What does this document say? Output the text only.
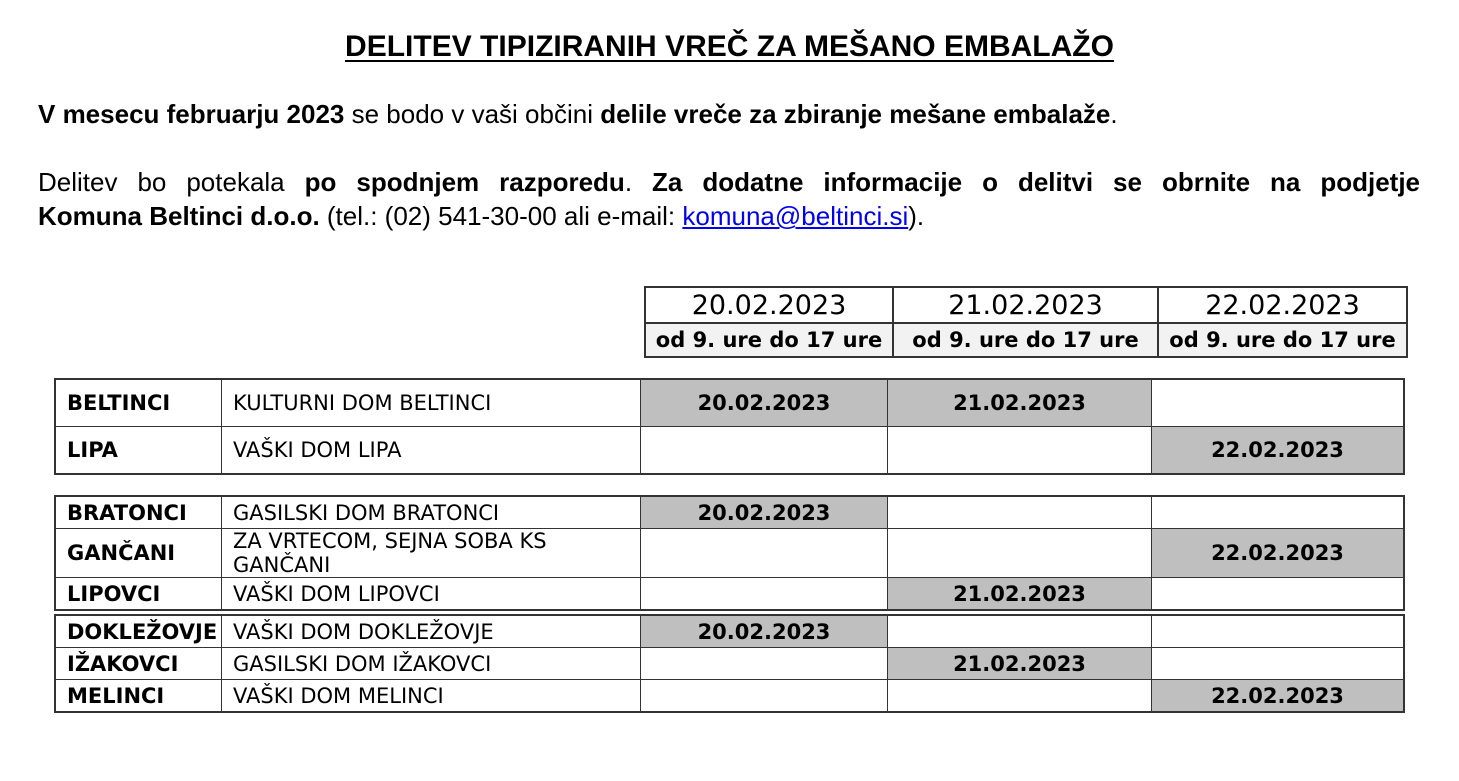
DELITEV TIPIZIRANIH VREČ ZA MEŠANO EMBALAŽO
V mesecu februarju 2023 se bodo v vaši občini delile vreče za zbiranje mešane embalaže.
Delitev bo potekala po spodnjem razporedu. Za dodatne informacije o delitvi se obrnite na podjetje
Komuna Beltinci d.o.o. (tel.: (02) 541-30-00 ali e-mail: komuna@beltinci.si).
20.02.2023	21.02.2023	22.02.2023
od 9. ure do 17 ure	od 9. ure do 17 ure	od 9. ure do 17 ure
BELTINCI	KULTURNI DOM BELTINCI	20.02.2023	21.02.2023	
LIPA	VAŠKI DOM LIPA			22.02.2023
BRATONCI	GASILSKI DOM BRATONCI	20.02.2023		
GANČANI	ZA VRTECOM, SEJNA SOBA KS GANČANI			22.02.2023
LIPOVCI	VAŠKI DOM LIPOVCI		21.02.2023	
DOKLEŽOVJE	VAŠKI DOM DOKLEŽOVJE	20.02.2023		
IŽAKOVCI	GASILSKI DOM IŽAKOVCI		21.02.2023	
MELINCI	VAŠKI DOM MELINCI			22.02.2023
